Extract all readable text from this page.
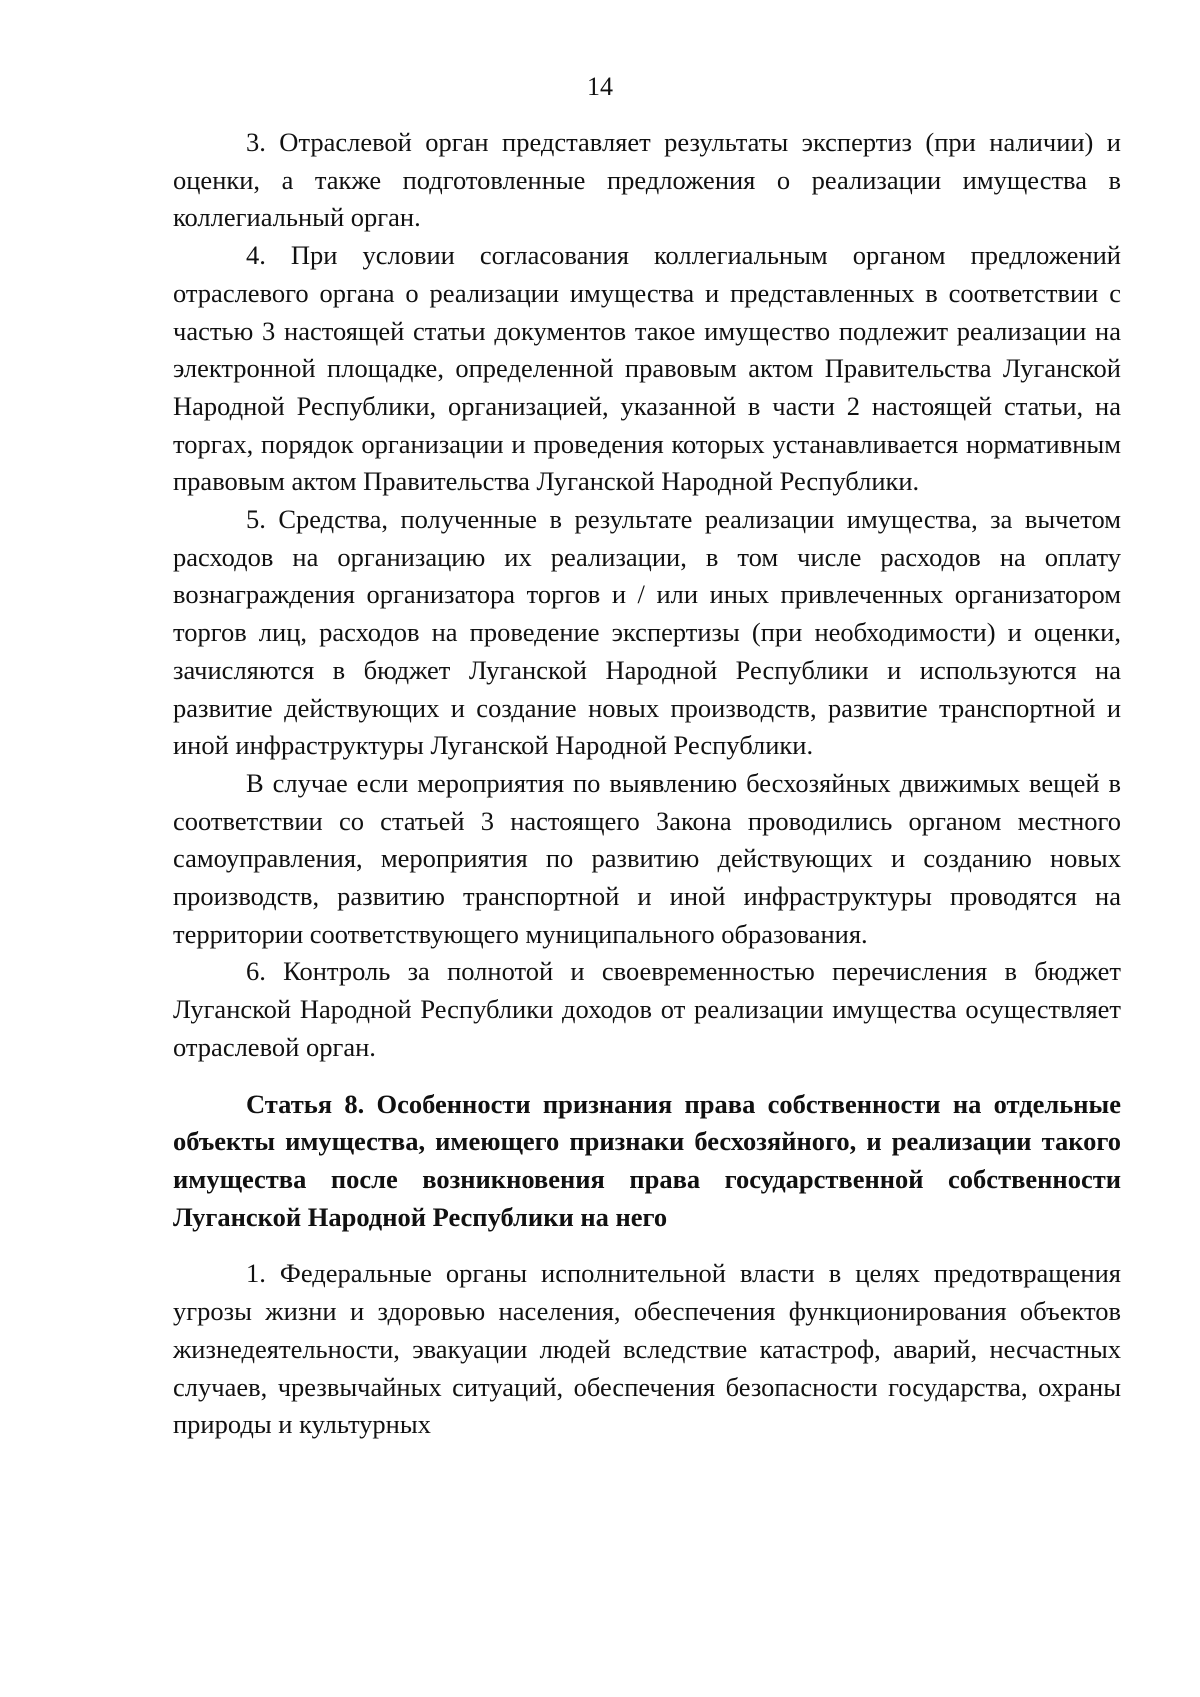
14

3. Отраслевой орган представляет результаты экспертиз (при наличии) и оценки, а также подготовленные предложения о реализации имущества в коллегиальный орган.

4. При условии согласования коллегиальным органом предложений отраслевого органа о реализации имущества и представленных в соответствии с частью 3 настоящей статьи документов такое имущество подлежит реализации на электронной площадке, определенной правовым актом Правительства Луганской Народной Республики, организацией, указанной в части 2 настоящей статьи, на торгах, порядок организации и проведения которых устанавливается нормативным правовым актом Правительства Луганской Народной Республики.

5. Средства, полученные в результате реализации имущества, за вычетом расходов на организацию их реализации, в том числе расходов на оплату вознаграждения организатора торгов и / или иных привлеченных организатором торгов лиц, расходов на проведение экспертизы (при необходимости) и оценки, зачисляются в бюджет Луганской Народной Республики и используются на развитие действующих и создание новых производств, развитие транспортной и иной инфраструктуры Луганской Народной Республики.

В случае если мероприятия по выявлению бесхозяйных движимых вещей в соответствии со статьей 3 настоящего Закона проводились органом местного самоуправления, мероприятия по развитию действующих и созданию новых производств, развитию транспортной и иной инфраструктуры проводятся на территории соответствующего муниципального образования.

6. Контроль за полнотой и своевременностью перечисления в бюджет Луганской Народной Республики доходов от реализации имущества осуществляет отраслевой орган.

Статья 8. Особенности признания права собственности на отдельные объекты имущества, имеющего признаки бесхозяйного, и реализации такого имущества после возникновения права государственной собственности Луганской Народной Республики на него

1. Федеральные органы исполнительной власти в целях предотвращения угрозы жизни и здоровью населения, обеспечения функционирования объектов жизнедеятельности, эвакуации людей вследствие катастроф, аварий, несчастных случаев, чрезвычайных ситуаций, обеспечения безопасности государства, охраны природы и культурных
